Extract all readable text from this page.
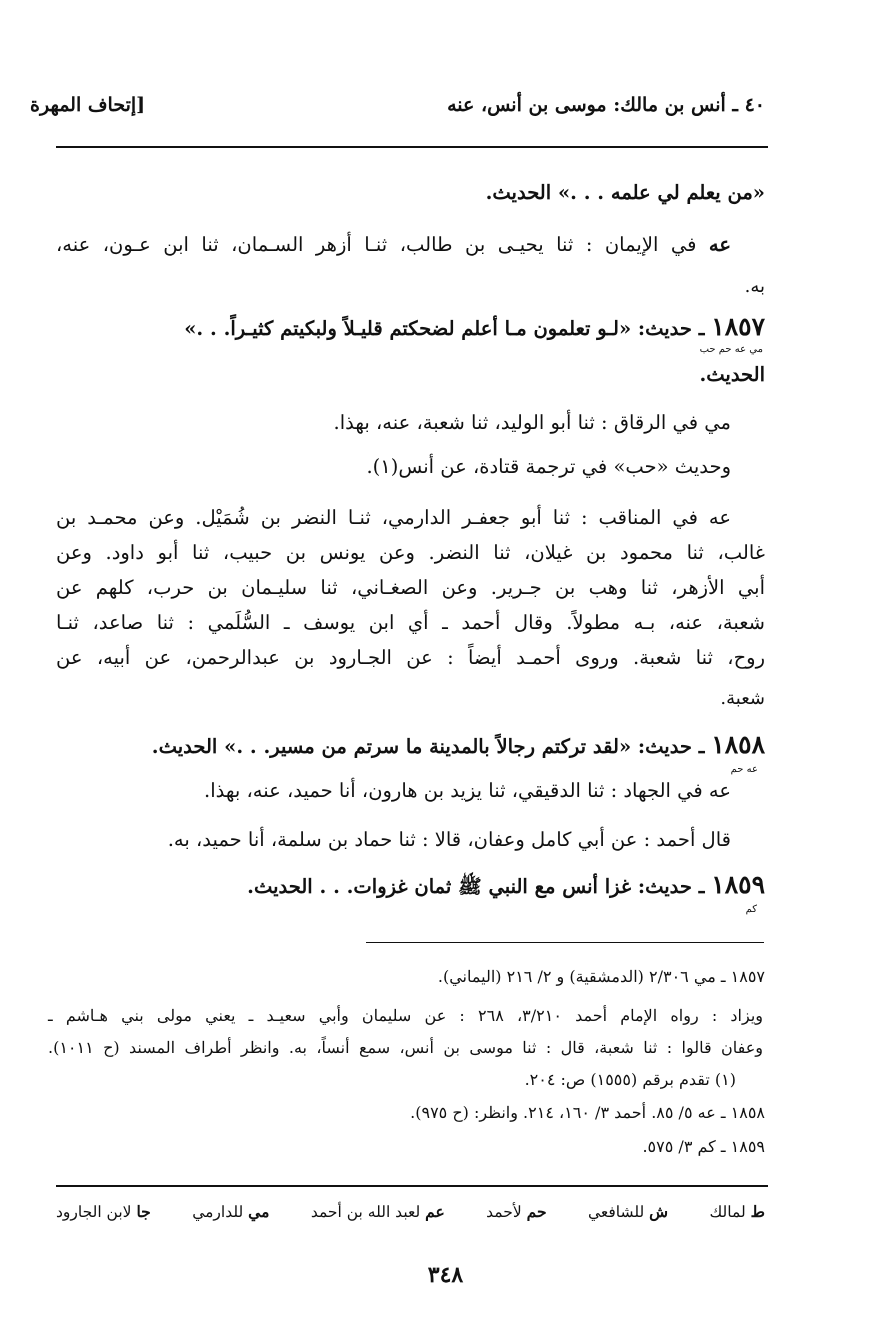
٤٠ ـ أنس بن مالك: موسى بن أنس، عنه
[إتحاف المهرة
«من يعلم لي علمه . . .» الحديث.
عه في الإيمان : ثنا يحيـى بن طالب، ثنـا أزهر السـمان، ثنا ابن عـون، عنه،
به.
١٨٥٧ ـ حديث: «لـو تعلمون مـا أعلم لضحكتم قليـلاً ولبكيتم كثيـراً. . .»
مي عه حم حب
الحديث.
مي في الرقاق : ثنا أبو الوليد، ثنا شعبة، عنه، بهذا.
وحديث «حب» في ترجمة قتادة، عن أنس(١).
عه في المناقب : ثنا أبو جعفـر الدارمي، ثنـا النضر بن شُمَيْل. وعن محمـد بن
غالب، ثنا محمود بن غيلان، ثنا النضر. وعن يونس بن حبيب، ثنا أبو داود. وعن
أبي الأزهر، ثنا وهب بن جـرير. وعن الصغـاني، ثنا سليـمان بن حرب، كلهم عن
شعبة، عنه، بـه مطولاً. وقال أحمد ـ أي ابن يوسف ـ السُّلَمي : ثنا صاعد، ثنـا
روح، ثنا شعبة. وروى أحمـد أيضاً : عن الجـارود بن عبدالرحمن، عن أبيه، عن
شعبة.
١٨٥٨ ـ حديث: «لقد تركتم رجالاً بالمدينة ما سرتم من مسير. . .» الحديث.
عه حم
عه في الجهاد : ثنا الدقيقي، ثنا يزيد بن هارون، أنا حميد، عنه، بهذا.
قال أحمد : عن أبي كامل وعفان، قالا : ثنا حماد بن سلمة، أنا حميد، به.
١٨٥٩ ـ حديث: غزا أنس مع النبي ﷺ ثمان غزوات. . . الحديث.
كم
١٨٥٧ ـ مي ٢/٣٠٦ (الدمشقية) و ٢/ ٢١٦ (اليماني).
ويزاد : رواه الإمام أحمد ٣/٢١٠، ٢٦٨ : عن سليمان وأبي سعيـد ـ يعني مولى بني هـاشم ـ
وعفان قالوا : ثنا شعبة، قال : ثنا موسى بن أنس، سمع أنساً، به. وانظر أطراف المسند (ح ١٠١١).
(١) تقدم برقم (١٥٥٥) ص: ٢٠٤.
١٨٥٨ ـ عه ٥/ ٨٥. أحمد ٣/ ١٦٠، ٢١٤. وانظر: (ح ٩٧٥).
١٨٥٩ ـ كم ٣/ ٥٧٥.
ط لمالك
ش للشافعي
حم لأحمد
عم لعبد الله بن أحمد
مي للدارمي
جا لابن الجارود
٣٤٨
